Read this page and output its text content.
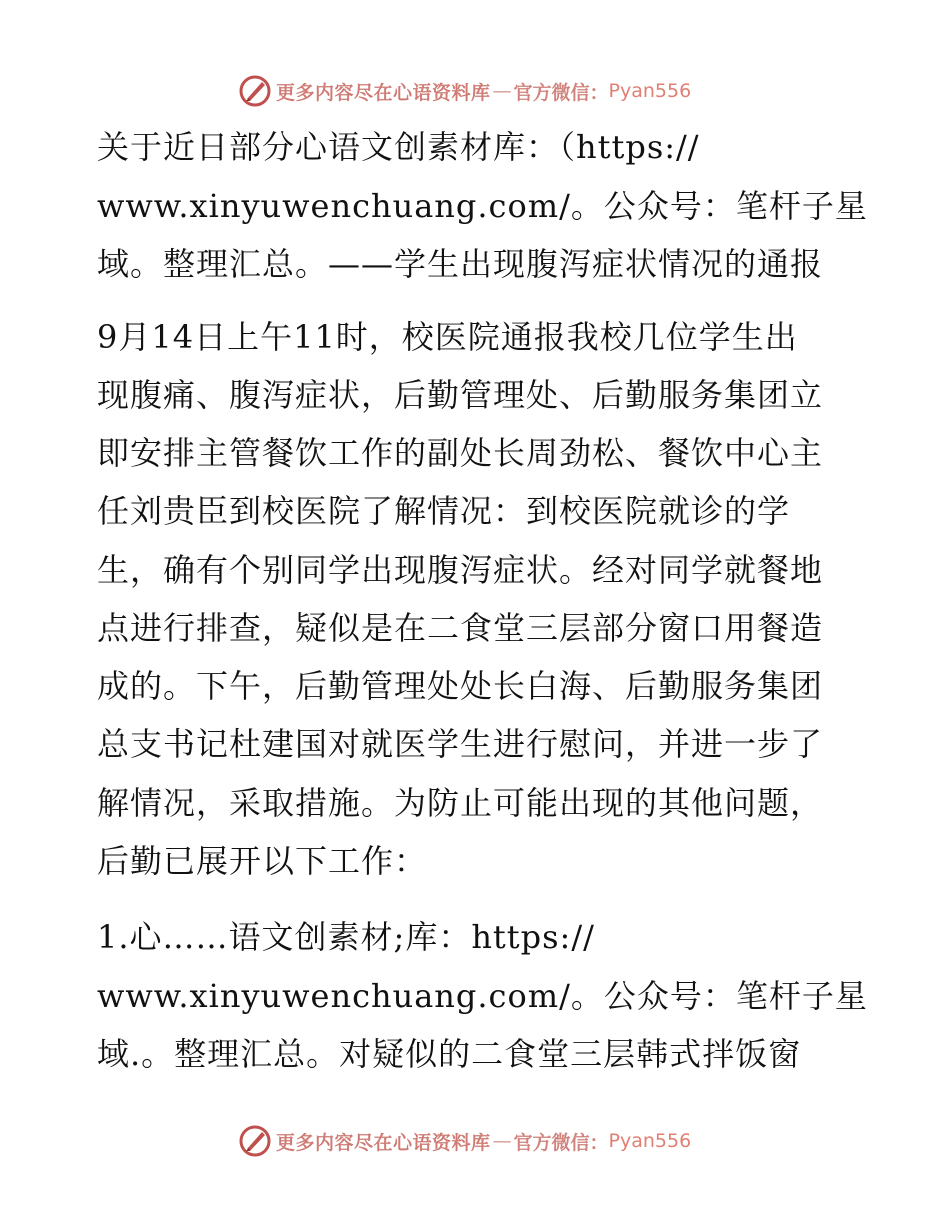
更多内容尽在心语资料库 — 官方微信： Pyan556
关于近日部分心语文创素材库：（https://
www.xinyuwenchuang.com/。公众号：笔杆子星
域。整理汇总。——学生出现腹泻症状情况的通报
9月14日上午11时，校医院通报我校几位学生出
现腹痛、腹泻症状，后勤管理处、后勤服务集团立
即安排主管餐饮工作的副处长周劲松、餐饮中心主
任刘贵臣到校医院了解情况：到校医院就诊的学
生，确有个别同学出现腹泻症状。经对同学就餐地
点进行排查，疑似是在二食堂三层部分窗口用餐造
成的。下午，后勤管理处处长白海、后勤服务集团
总支书记杜建国对就医学生进行慰问，并进一步了
解情况，采取措施。为防止可能出现的其他问题，
后勤已展开以下工作：
1.心……语文创素材;库：https://
www.xinyuwenchuang.com/。公众号：笔杆子星
域.。整理汇总。对疑似的二食堂三层韩式拌饭窗
更多内容尽在心语资料库 — 官方微信： Pyan556
